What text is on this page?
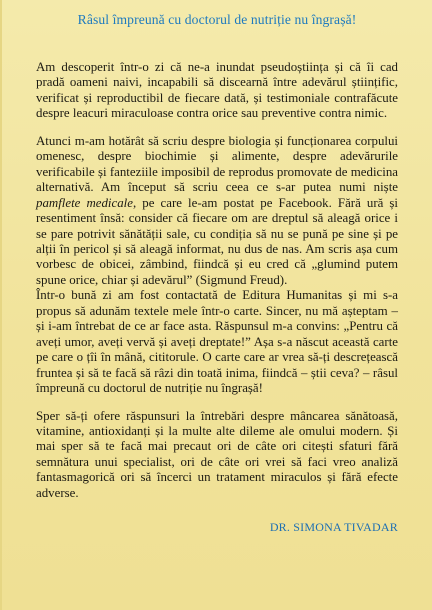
Râsul împreună cu doctorul de nutriție nu îngrașă!

Am descoperit într-o zi că ne-a inundat pseudoștiința și că îi cad pradă oameni naivi, incapabili să discearnă între adevărul științific, verificat și reproductibil de fiecare dată, și testimoniale contrafăcute despre leacuri miraculoase contra orice sau preventive contra nimic.

Atunci m-am hotărât să scriu despre biologia și funcționarea corpului omenesc, despre biochimie și alimente, despre adevărurile verificabile și fanteziile imposibil de reprodus promovate de medicina alternativă. Am început să scriu ceea ce s-ar putea numi niște pamflete medicale, pe care le-am postat pe Facebook. Fără ură și resentiment însă: consider că fiecare om are dreptul să aleagă orice i se pare potrivit sănătății sale, cu condiția să nu se pună pe sine și pe alții în pericol și să aleagă informat, nu dus de nas. Am scris așa cum vorbesc de obicei, zâmbind, fiindcă și eu cred că „glumind putem spune orice, chiar și adevărul” (Sigmund Freud).

Într-o bună zi am fost contactată de Editura Humanitas și mi s-a propus să adunăm textele mele într-o carte. Sincer, nu mă așteptam – și i-am întrebat de ce ar face asta. Răspunsul m-a convins: „Pentru că aveți umor, aveți vervă și aveți dreptate!” Așa s-a născut această carte pe care o țîi în mână, cititorule. O carte care ar vrea să-ți descrețească fruntea și să te facă să râzi din toată inima, fiindcă – știi ceva? – râsul împreună cu doctorul de nutriție nu îngrașă!

Sper să-ți ofere răspunsuri la întrebări despre mâncarea sănătoasă, vitamine, antioxidanți și la multe alte dileme ale omului modern. Și mai sper să te facă mai precaut ori de câte ori citești sfaturi fără semnătura unui specialist, ori de câte ori vrei să faci vreo analiză fantasmagorică ori să încerci un tratament miraculos și fără efecte adverse.

DR. SIMONA TIVADAR
